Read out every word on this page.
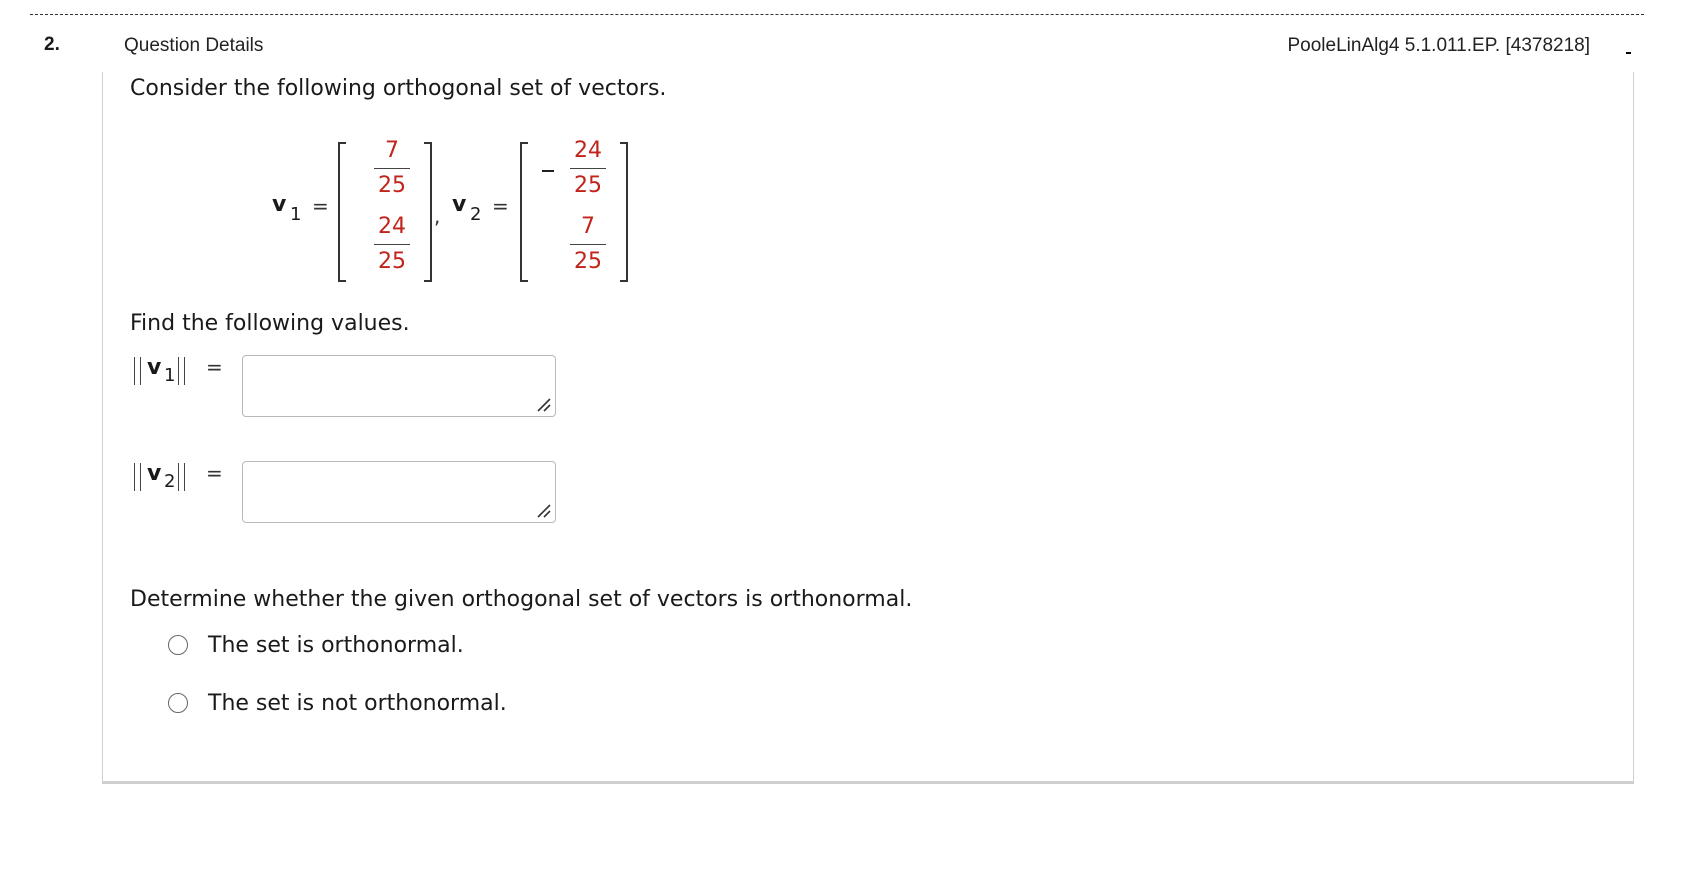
2.	Question Details	PooleLinAlg4 5.1.011.EP. [4378218]
Consider the following orthogonal set of vectors.
v 1 =
7
25
24
25
, v 2 =
24
25
7
25
Find the following values.
v 1 =
v 2 =
Determine whether the given orthogonal set of vectors is orthonormal.
The set is orthonormal.
The set is not orthonormal.
